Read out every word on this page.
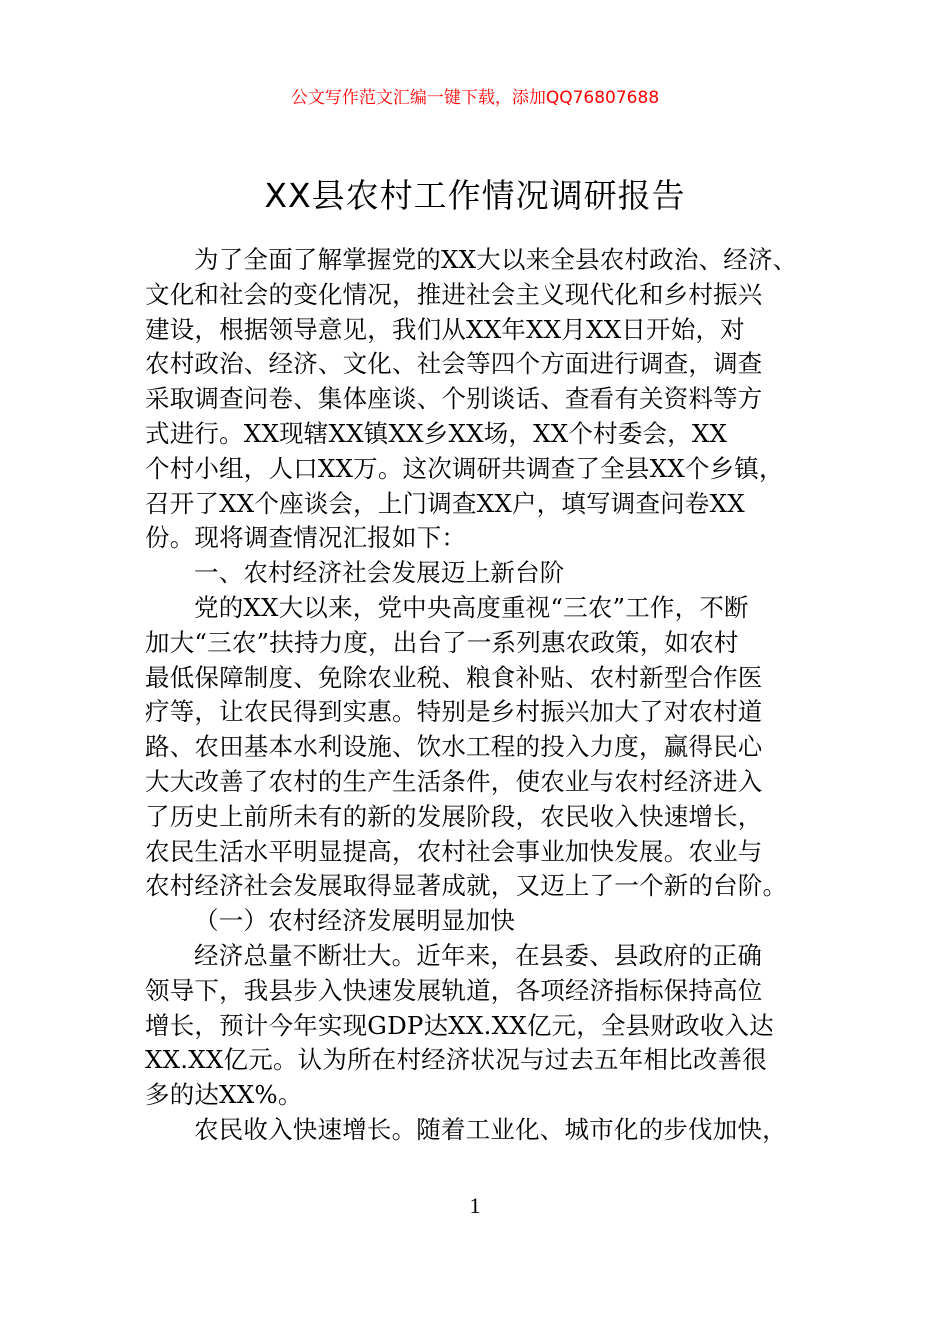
公文写作范文汇编一键下载，添加QQ76807688
XX县农村工作情况调研报告
为了全面了解掌握党的XX大以来全县农村政治、经济、
文化和社会的变化情况，推进社会主义现代化和乡村振兴
建设，根据领导意见，我们从XX年XX月XX日开始，对
农村政治、经济、文化、社会等四个方面进行调查，调查
采取调查问卷、集体座谈、个别谈话、查看有关资料等方
式进行。XX现辖XX镇XX乡XX场，XX个村委会，XX
个村小组，人口XX万。这次调研共调查了全县XX个乡镇，
召开了XX个座谈会，上门调查XX户，填写调查问卷XX
份。现将调查情况汇报如下：
一、农村经济社会发展迈上新台阶
党的XX大以来，党中央高度重视“三农”工作，不断
加大“三农”扶持力度，出台了一系列惠农政策，如农村
最低保障制度、免除农业税、粮食补贴、农村新型合作医
疗等，让农民得到实惠。特别是乡村振兴加大了对农村道
路、农田基本水利设施、饮水工程的投入力度，赢得民心
大大改善了农村的生产生活条件，使农业与农村经济进入
了历史上前所未有的新的发展阶段，农民收入快速增长，
农民生活水平明显提高，农村社会事业加快发展。农业与
农村经济社会发展取得显著成就，又迈上了一个新的台阶。
（一）农村经济发展明显加快
经济总量不断壮大。近年来，在县委、县政府的正确
领导下，我县步入快速发展轨道，各项经济指标保持高位
增长，预计今年实现GDP达XX.XX亿元，全县财政收入达
XX.XX亿元。认为所在村经济状况与过去五年相比改善很
多的达XX%。
农民收入快速增长。随着工业化、城市化的步伐加快，
1
